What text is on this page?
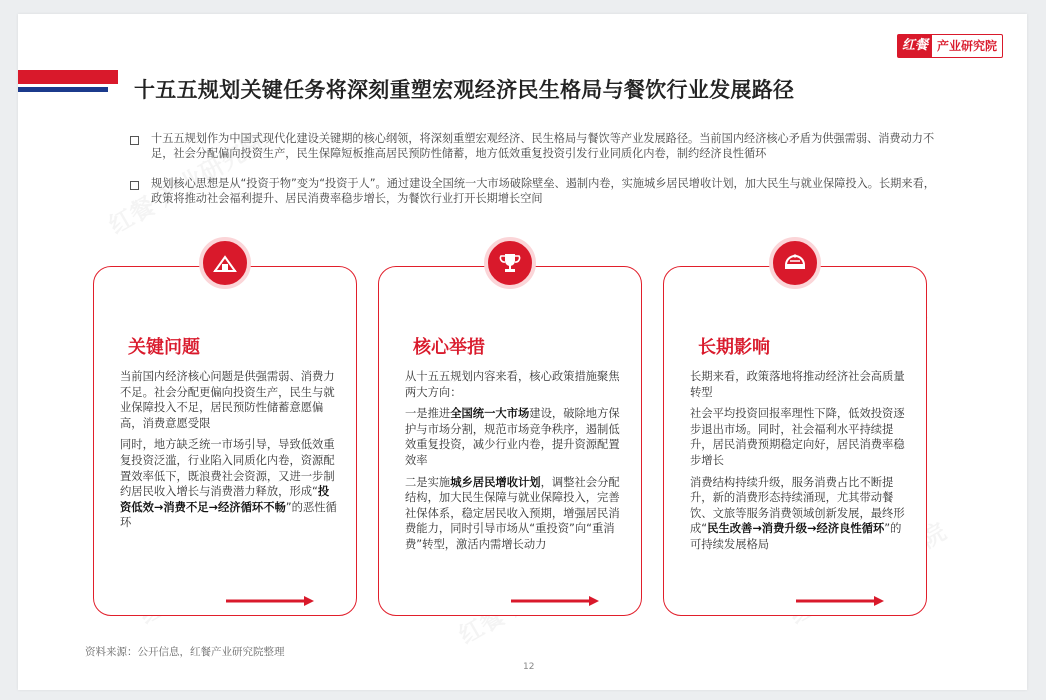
红餐 产业研究院
十五五规划关键任务将深刻重塑宏观经济民生格局与餐饮行业发展路径
十五五规划作为中国式现代化建设关键期的核心纲领，将深刻重塑宏观经济、民生格局与餐饮等产业发展路径。当前国内经济核心矛盾为供强需弱、消费动力不足，社会分配偏向投资生产，民生保障短板推高居民预防性储蓄，地方低效重复投资引发行业同质化内卷，制约经济良性循环
规划核心思想是从“投资于物”变为“投资于人”。通过建设全国统一大市场破除壁垒、遏制内卷，实施城乡居民增收计划，加大民生与就业保障投入。长期来看，政策将推动社会福利提升、居民消费率稳步增长，为餐饮行业打开长期增长空间
关键问题

当前国内经济核心问题是供强需弱、消费力不足。社会分配更偏向投资生产，民生与就业保障投入不足，居民预防性储蓄意愿偏高，消费意愿受限

同时，地方缺乏统一市场引导，导致低效重复投资泛滥，行业陷入同质化内卷，资源配置效率低下，既浪费社会资源，又进一步制约居民收入增长与消费潜力释放，形成“投资低效→消费不足→经济循环不畅”的恶性循环

核心举措

从十五五规划内容来看，核心政策措施聚焦两大方向：

一是推进全国统一大市场建设，破除地方保护与市场分割，规范市场竞争秩序，遏制低效重复投资，减少行业内卷，提升资源配置效率

二是实施城乡居民增收计划，调整社会分配结构，加大民生保障与就业保障投入，完善社保体系，稳定居民收入预期，增强居民消费能力，同时引导市场从“重投资”向“重消费”转型，激活内需增长动力

长期影响

长期来看，政策落地将推动经济社会高质量转型

社会平均投资回报率理性下降，低效投资逐步退出市场。同时，社会福利水平持续提升，居民消费预期稳定向好，居民消费率稳步增长

消费结构持续升级，服务消费占比不断提升，新的消费形态持续涌现，尤其带动餐饮、文旅等服务消费领域创新发展，最终形成“民生改善→消费升级→经济良性循环”的可持续发展格局

资料来源：公开信息，红餐产业研究院整理
12
